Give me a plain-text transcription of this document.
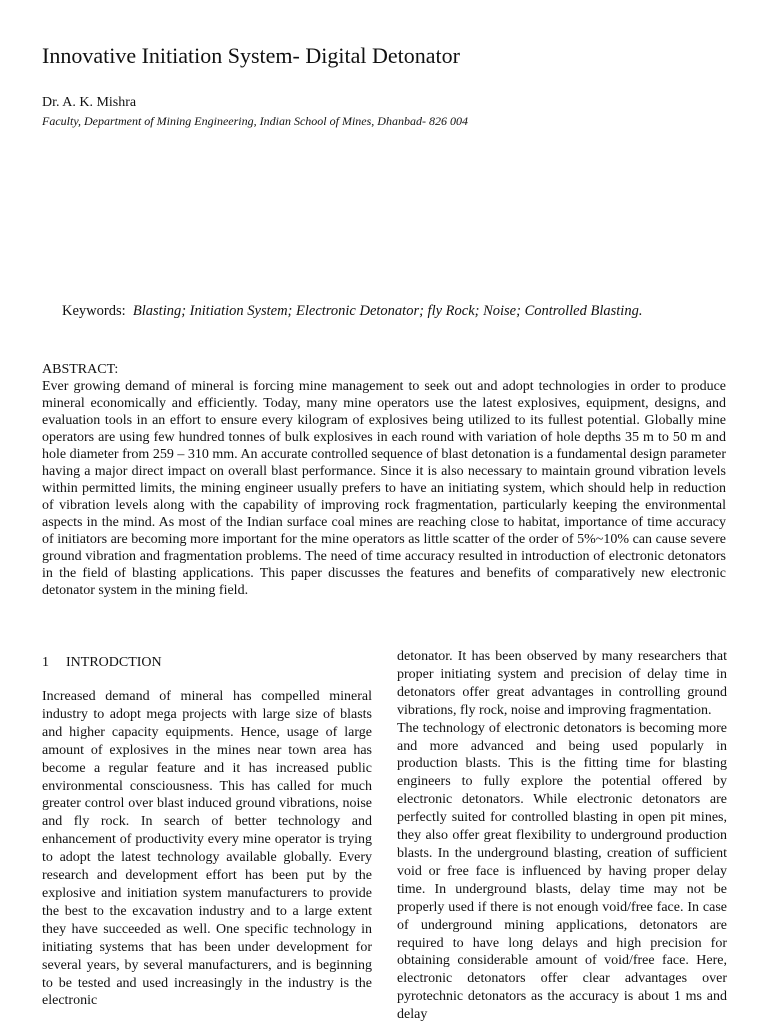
Innovative Initiation System- Digital Detonator
Dr. A. K. Mishra
Faculty, Department of Mining Engineering, Indian School of Mines, Dhanbad- 826 004
Keywords: Blasting; Initiation System; Electronic Detonator; fly Rock; Noise; Controlled Blasting.
ABSTRACT:
Ever growing demand of mineral is forcing mine management to seek out and adopt technologies in order to produce mineral economically and efficiently. Today, many mine operators use the latest explosives, equipment, designs, and evaluation tools in an effort to ensure every kilogram of explosives being utilized to its fullest potential. Globally mine operators are using few hundred tonnes of bulk explosives in each round with variation of hole depths 35 m to 50 m and hole diameter from 259 – 310 mm. An accurate controlled sequence of blast detonation is a fundamental design parameter having a major direct impact on overall blast performance. Since it is also necessary to maintain ground vibration levels within permitted limits, the mining engineer usually prefers to have an initiating system, which should help in reduction of vibration levels along with the capability of improving rock fragmentation, particularly keeping the environmental aspects in the mind. As most of the Indian surface coal mines are reaching close to habitat, importance of time accuracy of initiators are becoming more important for the mine operators as little scatter of the order of 5%~10% can cause severe ground vibration and fragmentation problems. The need of time accuracy resulted in introduction of electronic detonators in the field of blasting applications. This paper discusses the features and benefits of comparatively new electronic detonator system in the mining field.
1 INTRODCTION

Increased demand of mineral has compelled mineral industry to adopt mega projects with large size of blasts and higher capacity equipments. Hence, usage of large amount of explosives in the mines near town area has become a regular feature and it has increased public environmental consciousness. This has called for much greater control over blast induced ground vibrations, noise and fly rock. In search of better technology and enhancement of productivity every mine operator is trying to adopt the latest technology available globally. Every research and development effort has been put by the explosive and initiation system manufacturers to provide the best to the excavation industry and to a large extent they have succeeded as well. One specific technology in initiating systems that has been under development for several years, by several manufacturers, and is beginning to be tested and used increasingly in the industry is the electronic

detonator. It has been observed by many researchers that proper initiating system and precision of delay time in detonators offer great advantages in controlling ground vibrations, fly rock, noise and improving fragmentation.

The technology of electronic detonators is becoming more and more advanced and being used popularly in production blasts. This is the fitting time for blasting engineers to fully explore the potential offered by electronic detonators. While electronic detonators are perfectly suited for controlled blasting in open pit mines, they also offer great flexibility to underground production blasts. In the underground blasting, creation of sufficient void or free face is influenced by having proper delay time. In underground blasts, delay time may not be properly used if there is not enough void/free face. In case of underground mining applications, detonators are required to have long delays and high precision for obtaining considerable amount of void/free face. Here, electronic detonators offer clear advantages over pyrotechnic detonators as the accuracy is about 1 ms and delay
